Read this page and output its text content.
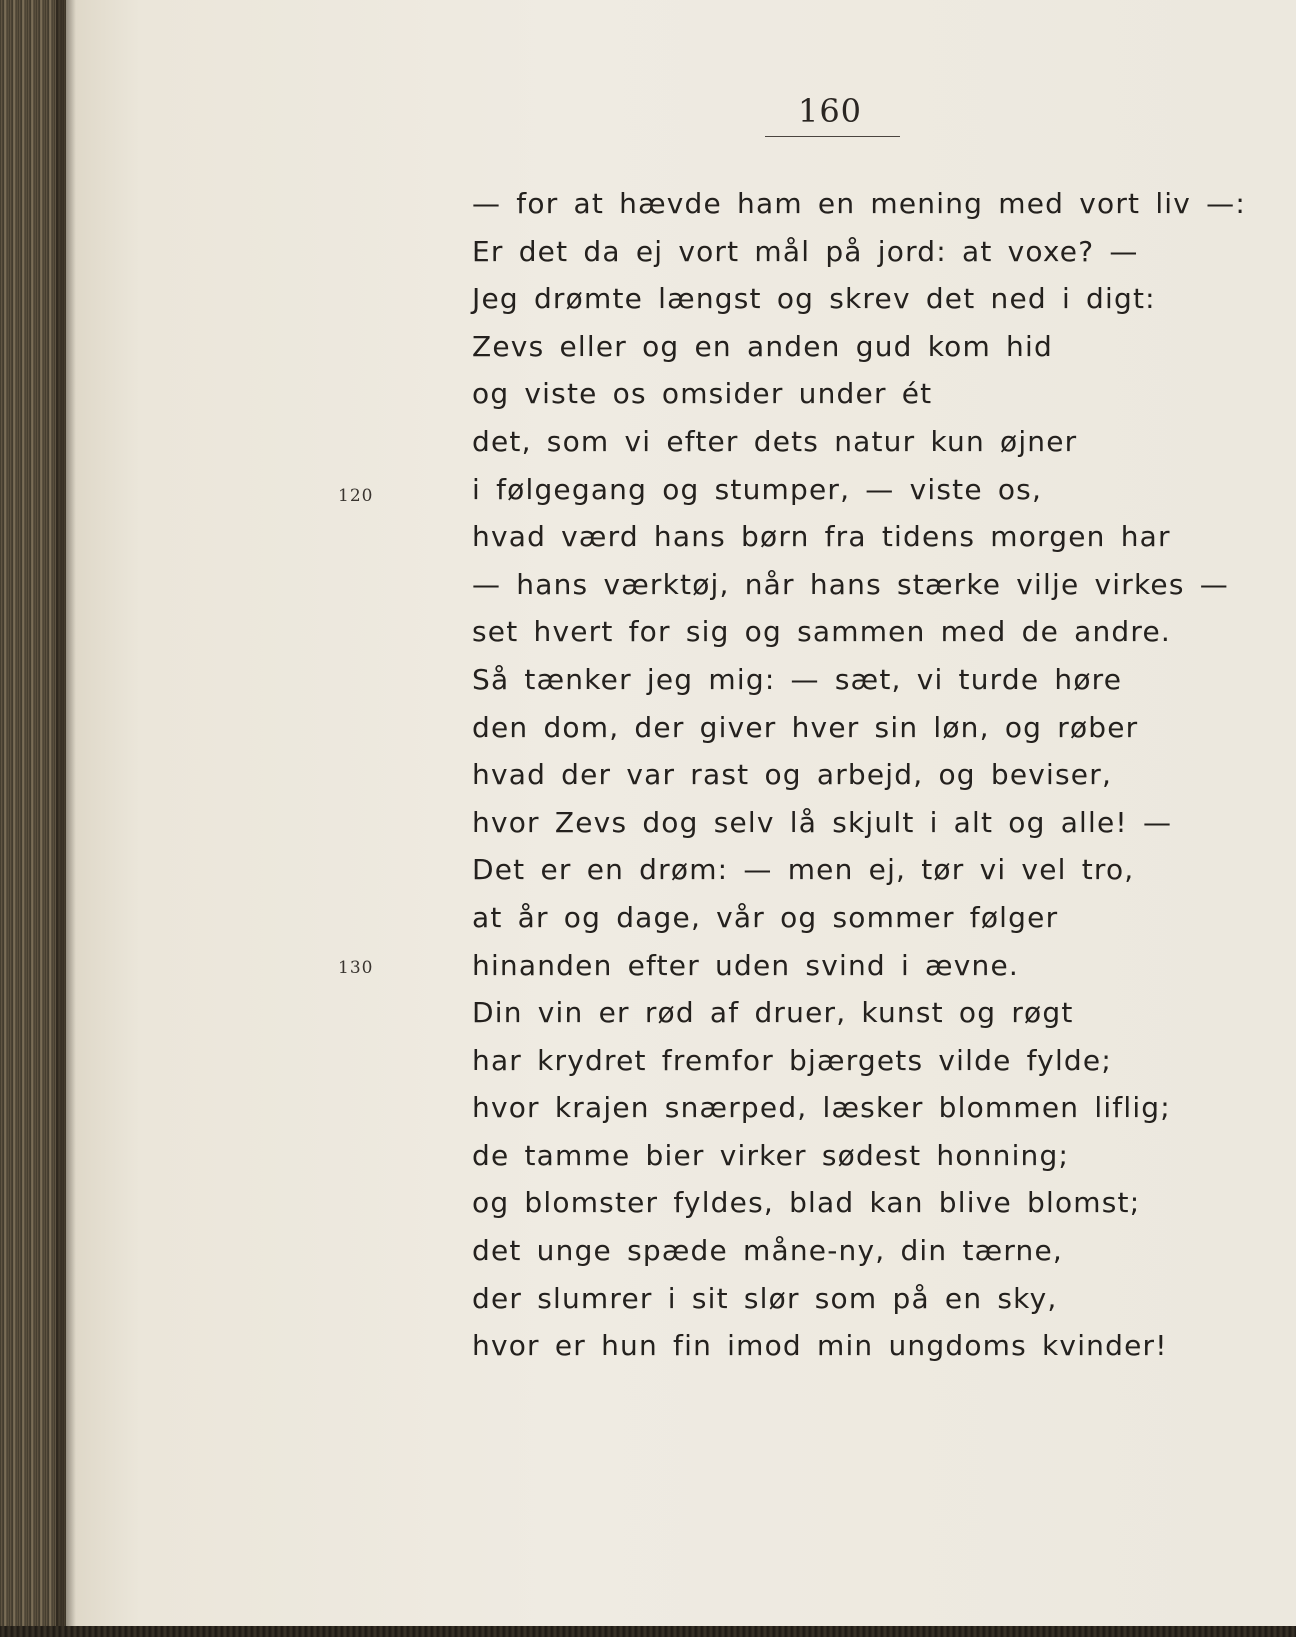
160
120
130
— for at hævde ham en mening med vort liv —:
Er det da ej vort mål på jord: at voxe? —
Jeg drømte længst og skrev det ned i digt:
Zevs eller og en anden gud kom hid
og viste os omsider under ét
det, som vi efter dets natur kun øjner
i følgegang og stumper, — viste os,
hvad værd hans børn fra tidens morgen har
— hans værktøj, når hans stærke vilje virkes —
set hvert for sig og sammen med de andre.
Så tænker jeg mig: — sæt, vi turde høre
den dom, der giver hver sin løn, og røber
hvad der var rast og arbejd, og beviser,
hvor Zevs dog selv lå skjult i alt og alle! —
Det er en drøm: — men ej, tør vi vel tro,
at år og dage, vår og sommer følger
hinanden efter uden svind i ævne.
Din vin er rød af druer, kunst og røgt
har krydret fremfor bjærgets vilde fylde;
hvor krajen snærped, læsker blommen liflig;
de tamme bier virker sødest honning;
og blomster fyldes, blad kan blive blomst;
det unge spæde måne-ny, din tærne,
der slumrer i sit slør som på en sky,
hvor er hun fin imod min ungdoms kvinder!
